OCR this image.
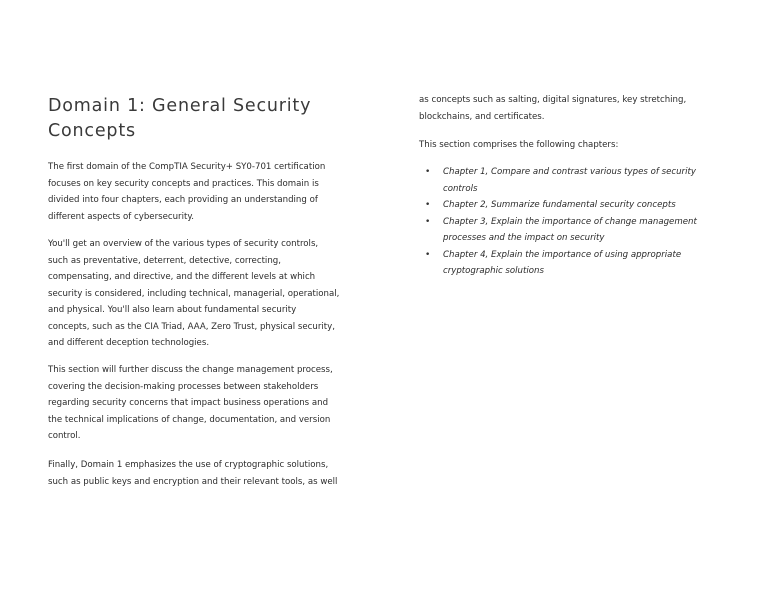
Domain 1: General Security Concepts

The first domain of the CompTIA Security+ SY0-701 certification focuses on key security concepts and practices. This domain is divided into four chapters, each providing an understanding of different aspects of cybersecurity.

You'll get an overview of the various types of security controls, such as preventative, deterrent, detective, correcting, compensating, and directive, and the different levels at which security is considered, including technical, managerial, operational, and physical. You'll also learn about fundamental security concepts, such as the CIA Triad, AAA, Zero Trust, physical security, and different deception technologies.

This section will further discuss the change management process, covering the decision-making processes between stakeholders regarding security concerns that impact business operations and the technical implications of change, documentation, and version control.

Finally, Domain 1 emphasizes the use of cryptographic solutions, such as public keys and encryption and their relevant tools, as well

as concepts such as salting, digital signatures, key stretching, blockchains, and certificates.

This section comprises the following chapters:

• Chapter 1, Compare and contrast various types of security controls
• Chapter 2, Summarize fundamental security concepts
• Chapter 3, Explain the importance of change management processes and the impact on security
• Chapter 4, Explain the importance of using appropriate cryptographic solutions
